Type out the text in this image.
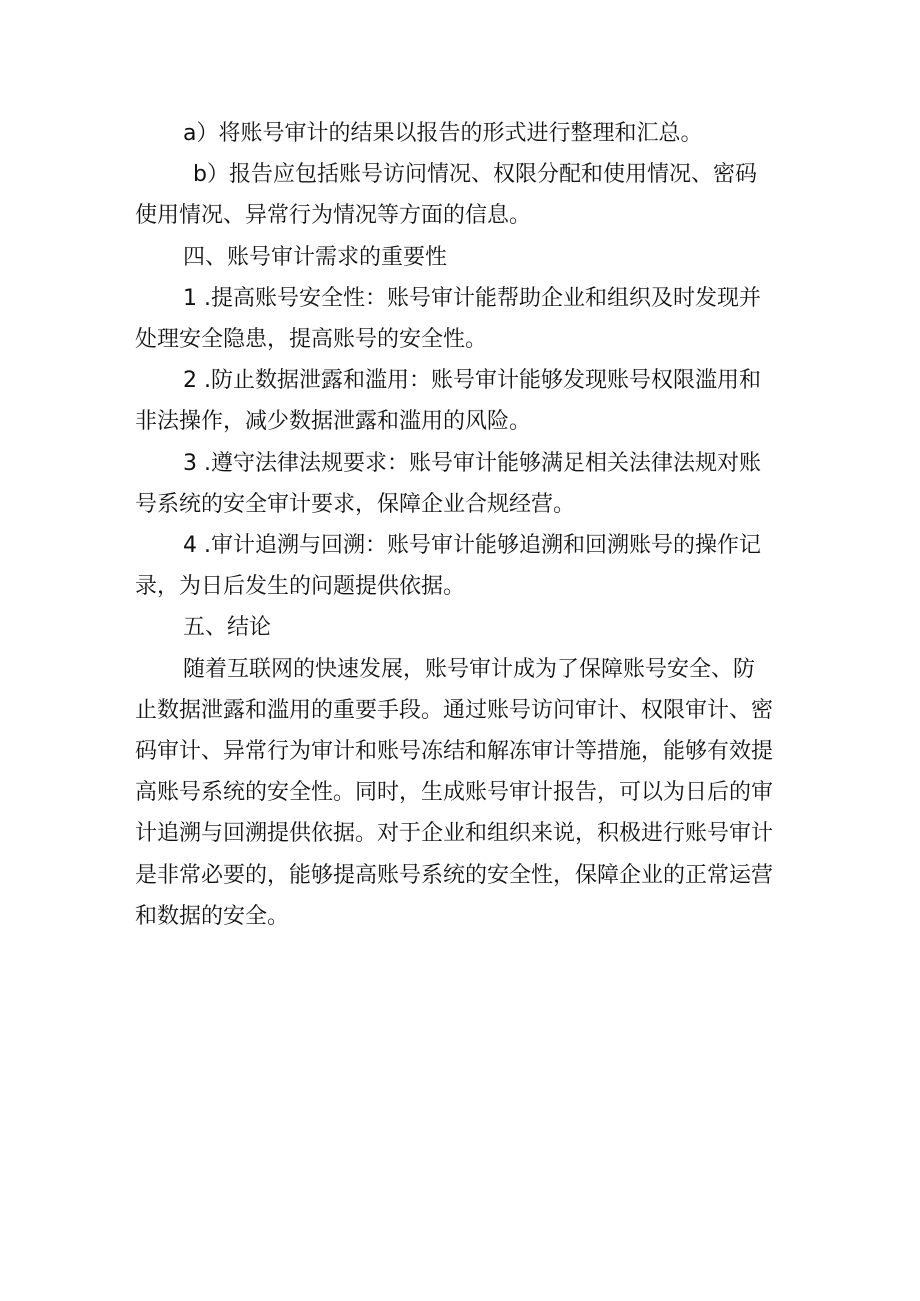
a）将账号审计的结果以报告的形式进行整理和汇总。
b）报告应包括账号访问情况、权限分配和使用情况、密码
使用情况、异常行为情况等方面的信息。
四、账号审计需求的重要性
1 .提高账号安全性：账号审计能帮助企业和组织及时发现并
处理安全隐患，提高账号的安全性。
2 .防止数据泄露和滥用：账号审计能够发现账号权限滥用和
非法操作，减少数据泄露和滥用的风险。
3 .遵守法律法规要求：账号审计能够满足相关法律法规对账
号系统的安全审计要求，保障企业合规经营。
4 .审计追溯与回溯：账号审计能够追溯和回溯账号的操作记
录，为日后发生的问题提供依据。
五、结论
随着互联网的快速发展，账号审计成为了保障账号安全、防
止数据泄露和滥用的重要手段。通过账号访问审计、权限审计、密
码审计、异常行为审计和账号冻结和解冻审计等措施，能够有效提
高账号系统的安全性。同时，生成账号审计报告，可以为日后的审
计追溯与回溯提供依据。对于企业和组织来说，积极进行账号审计
是非常必要的，能够提高账号系统的安全性，保障企业的正常运营
和数据的安全。
